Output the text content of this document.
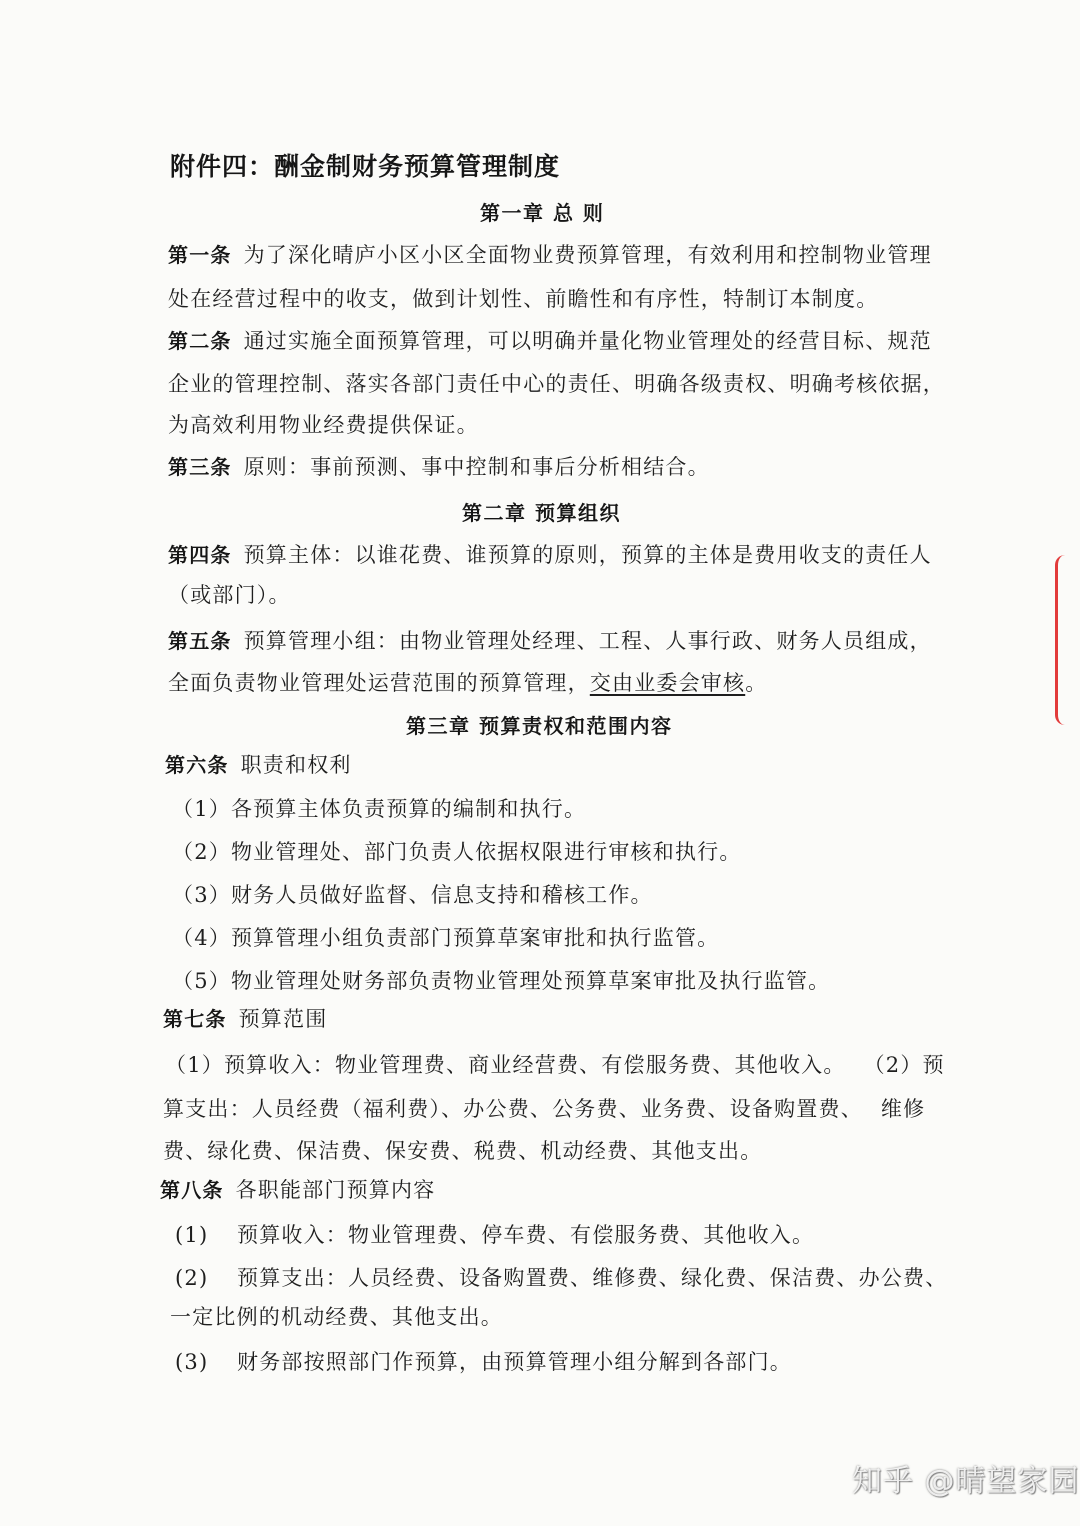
附件四：酬金制财务预算管理制度
第一章 总 则
第一条 为了深化晴庐小区小区全面物业费预算管理，有效利用和控制物业管理
处在经营过程中的收支，做到计划性、前瞻性和有序性，特制订本制度。
第二条 通过实施全面预算管理，可以明确并量化物业管理处的经营目标、规范
企业的管理控制、落实各部门责任中心的责任、明确各级责权、明确考核依据，
为高效利用物业经费提供保证。
第三条 原则：事前预测、事中控制和事后分析相结合。
第二章 预算组织
第四条 预算主体：以谁花费、谁预算的原则，预算的主体是费用收支的责任人
（或部门）。
第五条 预算管理小组：由物业管理处经理、工程、人事行政、财务人员组成，
全面负责物业管理处运营范围的预算管理，交由业委会审核。
第三章 预算责权和范围内容
第六条 职责和权利
（1）各预算主体负责预算的编制和执行。
（2）物业管理处、部门负责人依据权限进行审核和执行。
（3）财务人员做好监督、信息支持和稽核工作。
（4）预算管理小组负责部门预算草案审批和执行监管。
（5）物业管理处财务部负责物业管理处预算草案审批及执行监管。
第七条 预算范围
（1）预算收入：物业管理费、商业经营费、有偿服务费、其他收入。 （2）预
算支出：人员经费（福利费）、办公费、公务费、业务费、设备购置费、 维修
费、绿化费、保洁费、保安费、税费、机动经费、其他支出。
第八条 各职能部门预算内容
(1) 预算收入：物业管理费、停车费、有偿服务费、其他收入。
(2) 预算支出：人员经费、设备购置费、维修费、绿化费、保洁费、办公费、
一定比例的机动经费、其他支出。
(3) 财务部按照部门作预算，由预算管理小组分解到各部门。
知乎 @晴望家园
